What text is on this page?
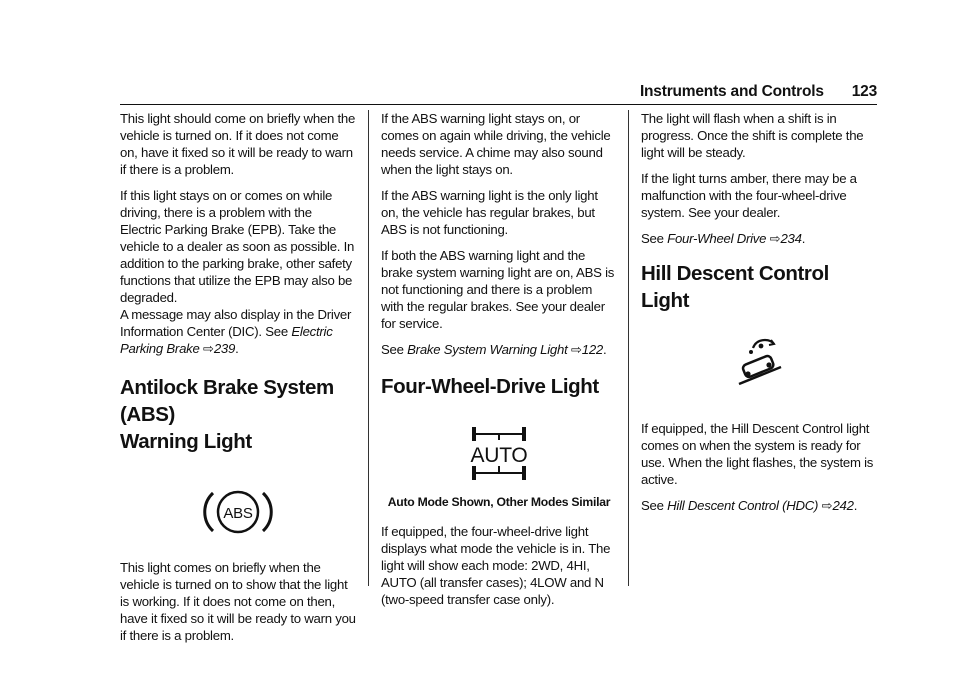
Instruments and Controls 123

This light should come on briefly when the vehicle is turned on. If it does not come on, have it fixed so it will be ready to warn if there is a problem.

If this light stays on or comes on while driving, there is a problem with the Electric Parking Brake (EPB). Take the vehicle to a dealer as soon as possible. In addition to the parking brake, other safety functions that utilize the EPB may also be degraded.

A message may also display in the Driver Information Center (DIC). See Electric Parking Brake ⇨239.

Antilock Brake System (ABS)
Warning Light
ABS

This light comes on briefly when the vehicle is turned on to show that the light is working. If it does not come on then, have it fixed so it will be ready to warn you if there is a problem.

If the ABS warning light stays on, or comes on again while driving, the vehicle needs service. A chime may also sound when the light stays on.

If the ABS warning light is the only light on, the vehicle has regular brakes, but ABS is not functioning.

If both the ABS warning light and the brake system warning light are on, ABS is not functioning and there is a problem with the regular brakes. See your dealer for service.

See Brake System Warning Light ⇨122.

Four-Wheel-Drive Light
AUTO
Auto Mode Shown, Other Modes Similar

If equipped, the four-wheel-drive light displays what mode the vehicle is in. The light will show each mode: 2WD, 4HI, AUTO (all transfer cases); 4LOW and N (two-speed transfer case only).

The light will flash when a shift is in progress. Once the shift is complete the light will be steady.

If the light turns amber, there may be a malfunction with the four-wheel-drive system. See your dealer.

See Four-Wheel Drive ⇨234.

Hill Descent Control Light

If equipped, the Hill Descent Control light comes on when the system is ready for use. When the light flashes, the system is active.

See Hill Descent Control (HDC) ⇨242.
